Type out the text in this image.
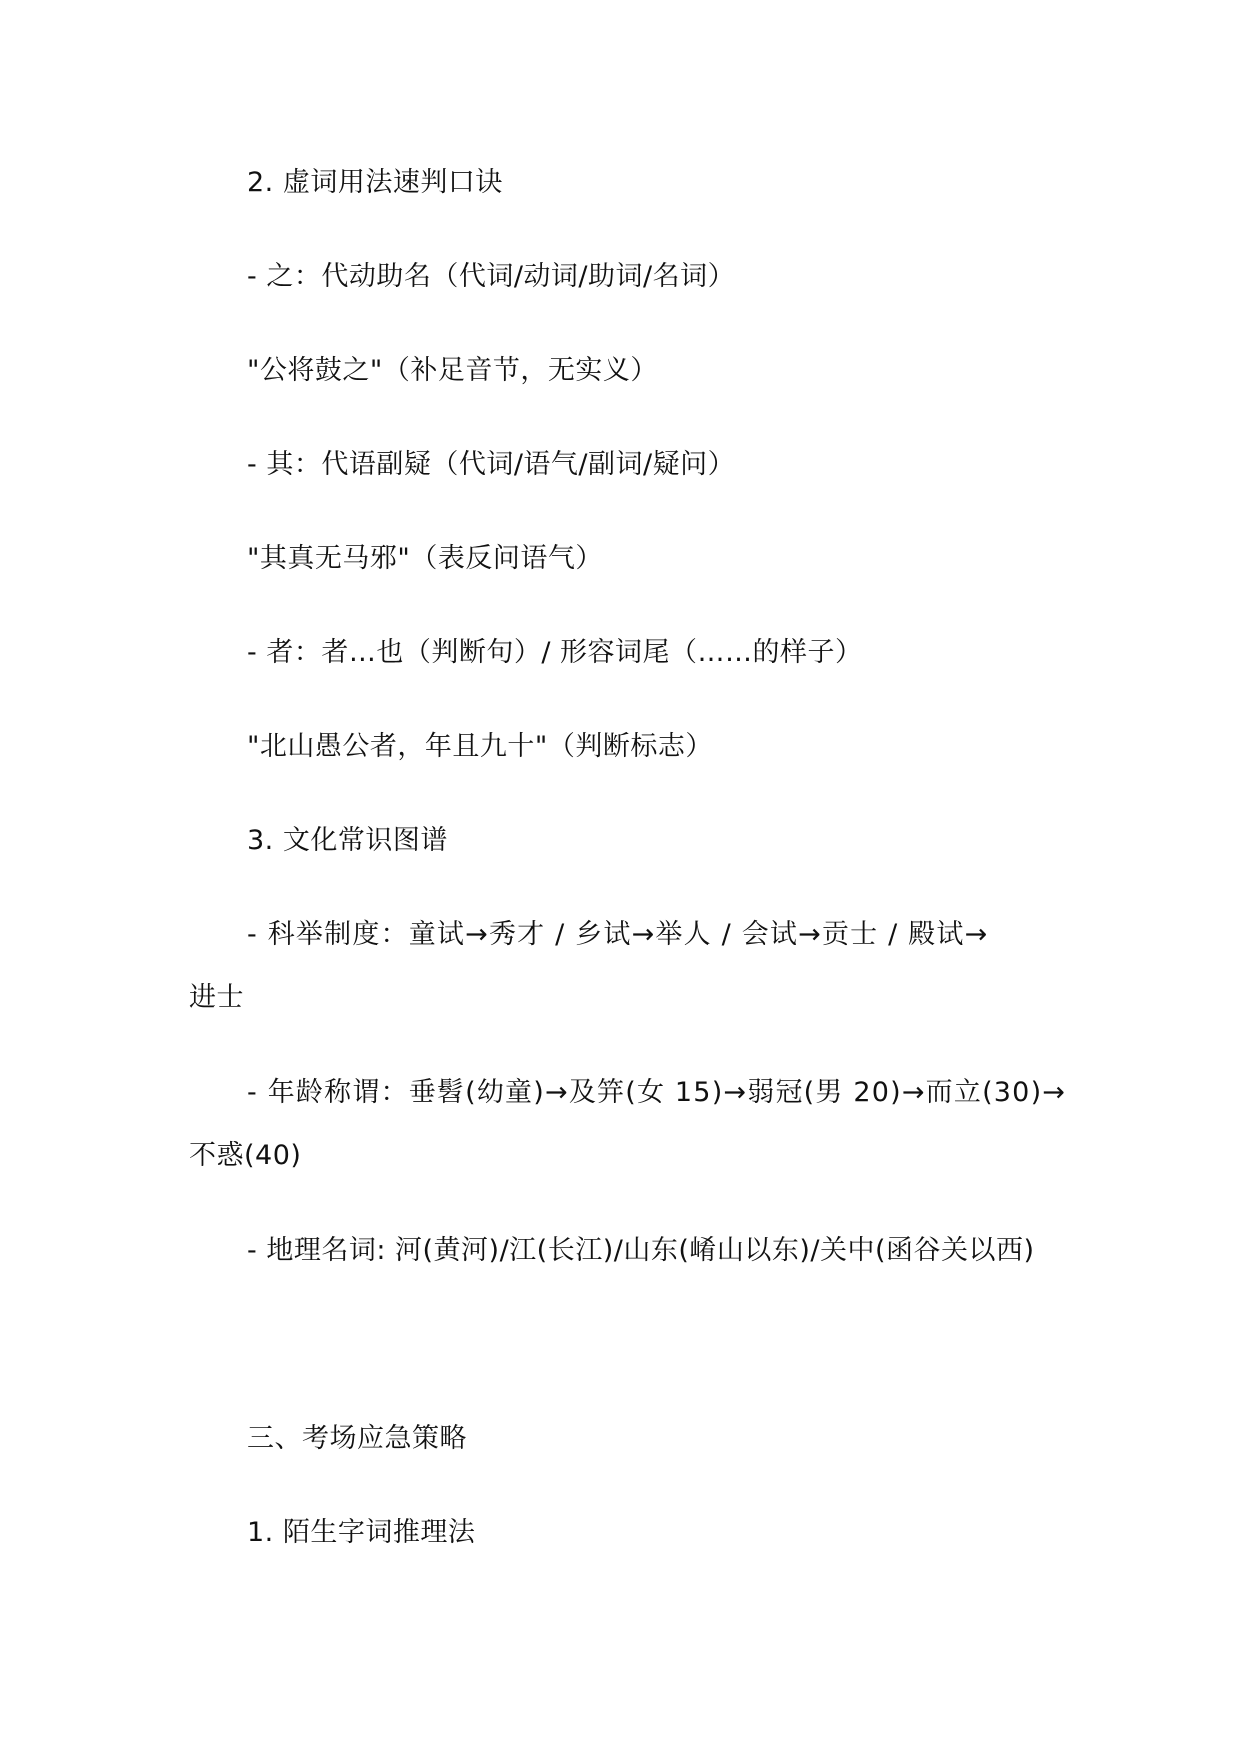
2. 虚词用法速判口诀
- 之：代动助名（代词/动词/助词/名词）
"公将鼓之"（补足音节，无实义）
- 其：代语副疑（代词/语气/副词/疑问）
"其真无马邪"（表反问语气）
- 者：者…也（判断句）/ 形容词尾（……的样子）
"北山愚公者，年且九十"（判断标志）
3. 文化常识图谱
- 科举制度：童试→秀才 / 乡试→举人 / 会试→贡士 / 殿试→
进士
- 年龄称谓：垂髫(幼童)→及笄(女 15)→弱冠(男 20)→而立(30)→
不惑(40)
- 地理名词: 河(黄河)/江(长江)/山东(崤山以东)/关中(函谷关以西)
三、考场应急策略
1. 陌生字词推理法
